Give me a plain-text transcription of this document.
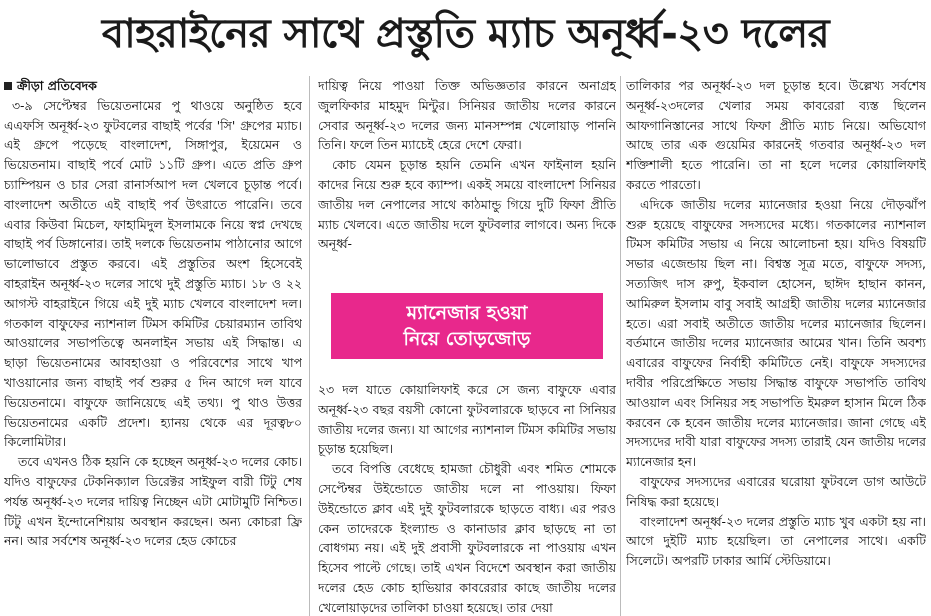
বাহরাইনের সাথে প্রস্তুতি ম্যাচ অনূর্ধ্ব-২৩ দলের
ক্রীড়া প্রতিবেদক

৩-৯ সেপ্টেম্বর ভিয়েতনামের পু থাওয়ে অনুষ্ঠিত হবে এএফসি অনূর্ধ্ব-২৩ ফুটবলের বাছাই পর্বের 'সি' গ্রুপের ম্যাচ। এই গ্রুপে পড়েছে বাংলাদেশ, সিঙ্গাপুর, ইয়েমেন ও ভিয়েতনাম। বাছাই পর্বে মোট ১১টি গ্রুপ। এতে প্রতি গ্রুপ চ্যাম্পিয়ন ও চার সেরা রানার্সআপ দল খেলবে চূড়ান্ত পর্বে। বাংলাদেশ অতীতে এই বাছাই পর্ব উৎরাতে পারেনি। তবে এবার কিউবা মিচেল, ফাহামিদুল ইসলামকে নিয়ে স্বপ্ন দেখছে বাছাই পর্ব ডিঙ্গানোর। তাই দলকে ভিয়েতনাম পাঠানোর আগে ভালোভাবে প্রস্তুত করবে। এই প্রস্তুতির অংশ হিসেবেই বাহরাইন অনূর্ধ্ব-২৩ দলের সাথে দুই প্রস্তুতি ম্যাচ। ১৮ ও ২২ আগস্ট বাহরাইনে গিয়ে এই দুই ম্যাচ খেলবে বাংলাদেশ দল। গতকাল বাফুফের ন্যাশনাল টিমস কমিটির চেয়ারম্যান তাবিথ আওয়ালের সভাপতিত্বে অনলাইন সভায় এই সিদ্ধান্ত। এ ছাড়া ভিয়েতনামের আবহাওয়া ও পরিবেশের সাথে খাপ খাওয়ানোর জন্য বাছাই পর্ব শুরুর ৫ দিন আগে দল যাবে ভিয়েতনামে। বাফুফে জানিয়েছে এই তথ্য। পু থাও উত্তর ভিয়েতনামের একটি প্রদেশ। হ্যানয় থেকে এর দূরত্ব৮০ কিলোমিটার।

তবে এখনও ঠিক হয়নি কে হচ্ছেন অনূর্ধ্ব-২৩ দলের কোচ। যদিও বাফুফের টেকনিক্যাল ডিরেক্টর সাইফুল বারী টিটু শেষ পর্যন্ত অনূর্ধ্ব-২৩ দলের দায়িত্ব নিচ্ছেন এটা মোটামুটি নিশ্চিত। টিটু এখন ইন্দোনেশিয়ায় অবস্থান করছেন। অন্য কোচরা ফ্রি নন। আর সর্বশেষ অনূর্ধ্ব-২৩ দলের হেড কোচের

দায়িত্ব নিয়ে পাওয়া তিক্ত অভিজ্ঞতার কারনে অনাগ্রহ জুলফিকার মাহমুদ মিন্টুর। সিনিয়র জাতীয় দলের কারনে সেবার অনূর্ধ্ব-২৩ দলের জন্য মানসম্পন্ন খেলোয়াড় পাননি তিনি। ফলে তিন ম্যাচেই হেরে দেশে ফেরা।

কোচ যেমন চূড়ান্ত হয়নি তেমনি এখন ফাইনাল হয়নি কাদের নিয়ে শুরু হবে ক্যাম্প। একই সময়ে বাংলাদেশ সিনিয়র জাতীয় দল নেপালের সাথে কাঠমান্ডু গিয়ে দুটি ফিফা প্রীতি ম্যাচ খেলবে। এতে জাতীয় দলে ফুটবলার লাগবে। অন্য দিকে অনূর্ধ্ব-

ম্যানেজার হওয়া
নিয়ে তোড়জোড়

২৩ দল যাতে কোয়ালিফাই করে সে জন্য বাফুফে এবার অনূর্ধ্ব-২৩ বছর বয়সী কোনো ফুটবলারকে ছাড়বে না সিনিয়র জাতীয় দলের জন্য। যা আগের ন্যাশনাল টিমস কমিটির সভায় চূড়ান্ত হয়েছিল।

তবে বিপত্তি বেধেছে হামজা চৌধুরী এবং শমিত শোমকে সেপ্টেম্বর উইন্ডোতে জাতীয় দলে না পাওয়ায়। ফিফা উইন্ডোতে ক্লাব এই দুই ফুটবলারকে ছাড়তে বাধ্য। এর পরও কেন তাদেরকে ইংল্যান্ড ও কানাডার ক্লাব ছাড়ছে না তা বোধগম্য নয়। এই দুই প্রবাসী ফুটবলারকে না পাওয়ায় এখন হিসেব পাল্টে গেছে। তাই এখন বিদেশে অবস্থান করা জাতীয় দলের হেড কোচ হাভিয়ার কাবরেরার কাছে জাতীয় দলের খেলোয়াড়দের তালিকা চাওয়া হয়েছে। তার দেয়া

তালিকার পর অনূর্ধ্ব-২৩ দল চূড়ান্ত হবে। উল্লেখ্য সর্বশেষ অনূর্ধ্ব-২৩দলের খেলার সময় কাবরেরা ব্যস্ত ছিলেন আফগানিস্তানের সাথে ফিফা প্রীতি ম্যাচ নিয়ে। অভিযোগ আছে তার এক গুয়েমির কারনেই গতবার অনূর্ধ্ব-২৩ দল শক্তিশালী হতে পারেনি। তা না হলে দলের কোয়ালিফাই করতে পারতো।

এদিকে জাতীয় দলের ম্যানেজার হওয়া নিয়ে দৌড়ঝাঁপ শুরু হয়েছে বাফুফের সদস্যদের মধ্যে। গতকালের ন্যাশনাল টিমস কমিটির সভায় এ নিয়ে আলোচনা হয়। যদিও বিষয়টি সভার এজেন্ডায় ছিল না। বিশ্বস্ত সূত্র মতে, বাফুফে সদস্য, সত্যজিৎ দাস রুপু, ইকবাল হোসেন, ছাঈদ হাছান কানন, আমিরুল ইসলাম বাবু সবাই আগ্রহী জাতীয় দলের ম্যানেজার হতে। এরা সবাই অতীতে জাতীয় দলের ম্যানেজার ছিলেন। বর্তমানে জাতীয় দলের ম্যানেজার আমের খান। তিনি অবশ্য এবারের বাফুফের নির্বাহী কমিটিতে নেই। বাফুফে সদস্যদের দাবীর পরিপ্রেক্ষিতে সভায় সিদ্ধান্ত বাফুফে সভাপতি তাবিথ আওয়াল এবং সিনিয়র সহ সভাপতি ইমরুল হাসান মিলে ঠিক করবেন কে হবেন জাতীয় দলের ম্যানেজার। জানা গেছে এই সদস্যদের দাবী যারা বাফুফের সদস্য তারাই যেন জাতীয় দলের ম্যানেজার হন।

বাফুফের সদস্যদের এবারের ঘরোয়া ফুটবলে ডাগ আউটে নিষিদ্ধ করা হয়েছে।

বাংলাদেশ অনূর্ধ্ব-২৩ দলের প্রস্তুতি ম্যাচ খুব একটা হয় না। আগে দুইটি ম্যাচ হয়েছিল। তা নেপালের সাথে। একটি সিলেটে। অপরটি ঢাকার আর্মি স্টেডিয়ামে।
